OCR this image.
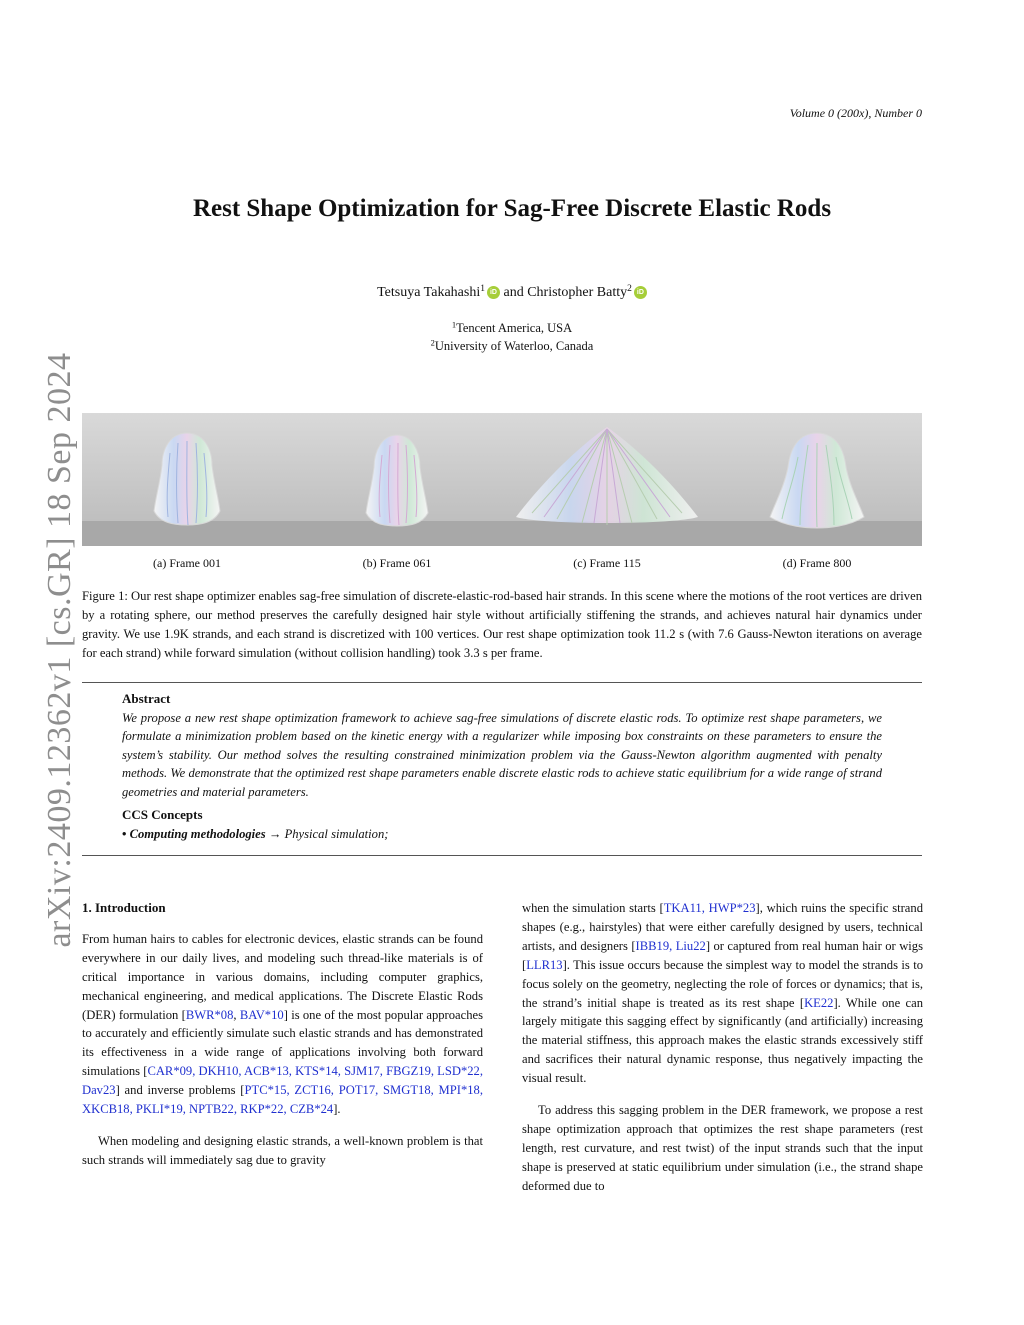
Volume 0 (200x), Number 0
arXiv:2409.12362v1 [cs.GR] 18 Sep 2024
Rest Shape Optimization for Sag-Free Discrete Elastic Rods
Tetsuya Takahashi$^1$ iD and Christopher Batty$^2$ iD
$^1$Tencent America, USA
$^2$University of Waterloo, Canada
(a) Frame 001	(b) Frame 061	(c) Frame 115	(d) Frame 800
Figure 1: Our rest shape optimizer enables sag-free simulation of discrete-elastic-rod-based hair strands. In this scene where the motions of the root vertices are driven by a rotating sphere, our method preserves the carefully designed hair style without artificially stiffening the strands, and achieves natural hair dynamics under gravity. We use 1.9K strands, and each strand is discretized with 100 vertices. Our rest shape optimization took 11.2 s (with 7.6 Gauss-Newton iterations on average for each strand) while forward simulation (without collision handling) took 3.3 s per frame.
Abstract

We propose a new rest shape optimization framework to achieve sag-free simulations of discrete elastic rods. To optimize rest shape parameters, we formulate a minimization problem based on the kinetic energy with a regularizer while imposing box constraints on these parameters to ensure the system’s stability. Our method solves the resulting constrained minimization problem via the Gauss-Newton algorithm augmented with penalty methods. We demonstrate that the optimized rest shape parameters enable discrete elastic rods to achieve static equilibrium for a wide range of strand geometries and material parameters.

CCS Concepts
• Computing methodologies → Physical simulation;
1. Introduction

From human hairs to cables for electronic devices, elastic strands can be found everywhere in our daily lives, and modeling such thread-like materials is of critical importance in various domains, including computer graphics, mechanical engineering, and medical applications. The Discrete Elastic Rods (DER) formulation [BWR*08, BAV*10] is one of the most popular approaches to accurately and efficiently simulate such elastic strands and has demonstrated its effectiveness in a wide range of applications involving both forward simulations [CAR*09, DKH10, ACB*13, KTS*14, SJM17, FBGZ19, LSD*22, Dav23] and inverse problems [PTC*15, ZCT16, POT17, SMGT18, MPI*18, XKCB18, PKLI*19, NPTB22, RKP*22, CZB*24].

When modeling and designing elastic strands, a well-known problem is that such strands will immediately sag due to gravity

when the simulation starts [TKA11, HWP*23], which ruins the specific strand shapes (e.g., hairstyles) that were either carefully designed by users, technical artists, and designers [IBB19, Liu22] or captured from real human hair or wigs [LLR13]. This issue occurs because the simplest way to model the strands is to focus solely on the geometry, neglecting the role of forces or dynamics; that is, the strand’s initial shape is treated as its rest shape [KE22]. While one can largely mitigate this sagging effect by significantly (and artificially) increasing the material stiffness, this approach makes the elastic strands excessively stiff and sacrifices their natural dynamic response, thus negatively impacting the visual result.

To address this sagging problem in the DER framework, we propose a rest shape optimization approach that optimizes the rest shape parameters (rest length, rest curvature, and rest twist) of the input strands such that the input shape is preserved at static equilibrium under simulation (i.e., the strand shape deformed due to
